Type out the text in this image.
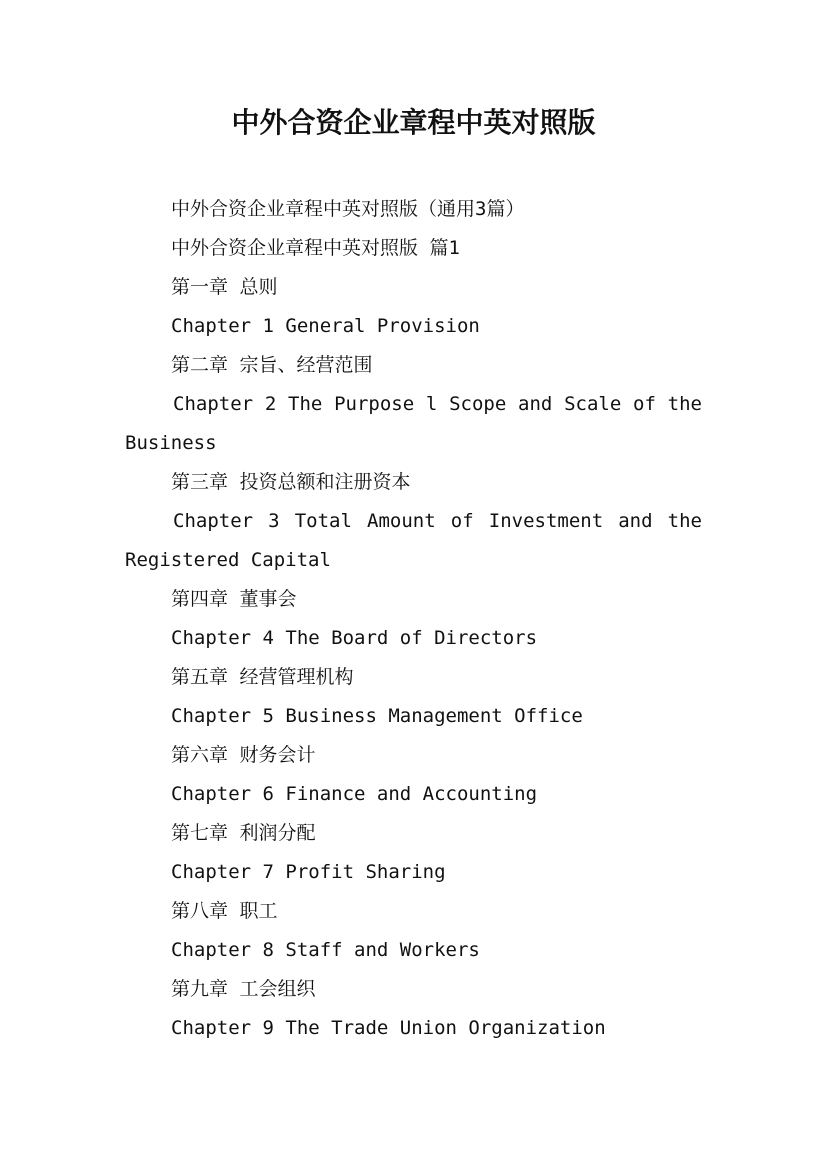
中外合资企业章程中英对照版

中外合资企业章程中英对照版（通用3篇）

中外合资企业章程中英对照版 篇1

第一章 总则

Chapter 1 General Provision

第二章 宗旨、经营范围

Chapter 2 The Purpose l Scope and Scale of the Business

第三章 投资总额和注册资本

Chapter 3 Total Amount of Investment and the Registered Capital

第四章 董事会

Chapter 4 The Board of Directors

第五章 经营管理机构

Chapter 5 Business Management Office

第六章 财务会计

Chapter 6 Finance and Accounting

第七章 利润分配

Chapter 7 Profit Sharing

第八章 职工

Chapter 8 Staff and Workers

第九章 工会组织

Chapter 9 The Trade Union Organization
